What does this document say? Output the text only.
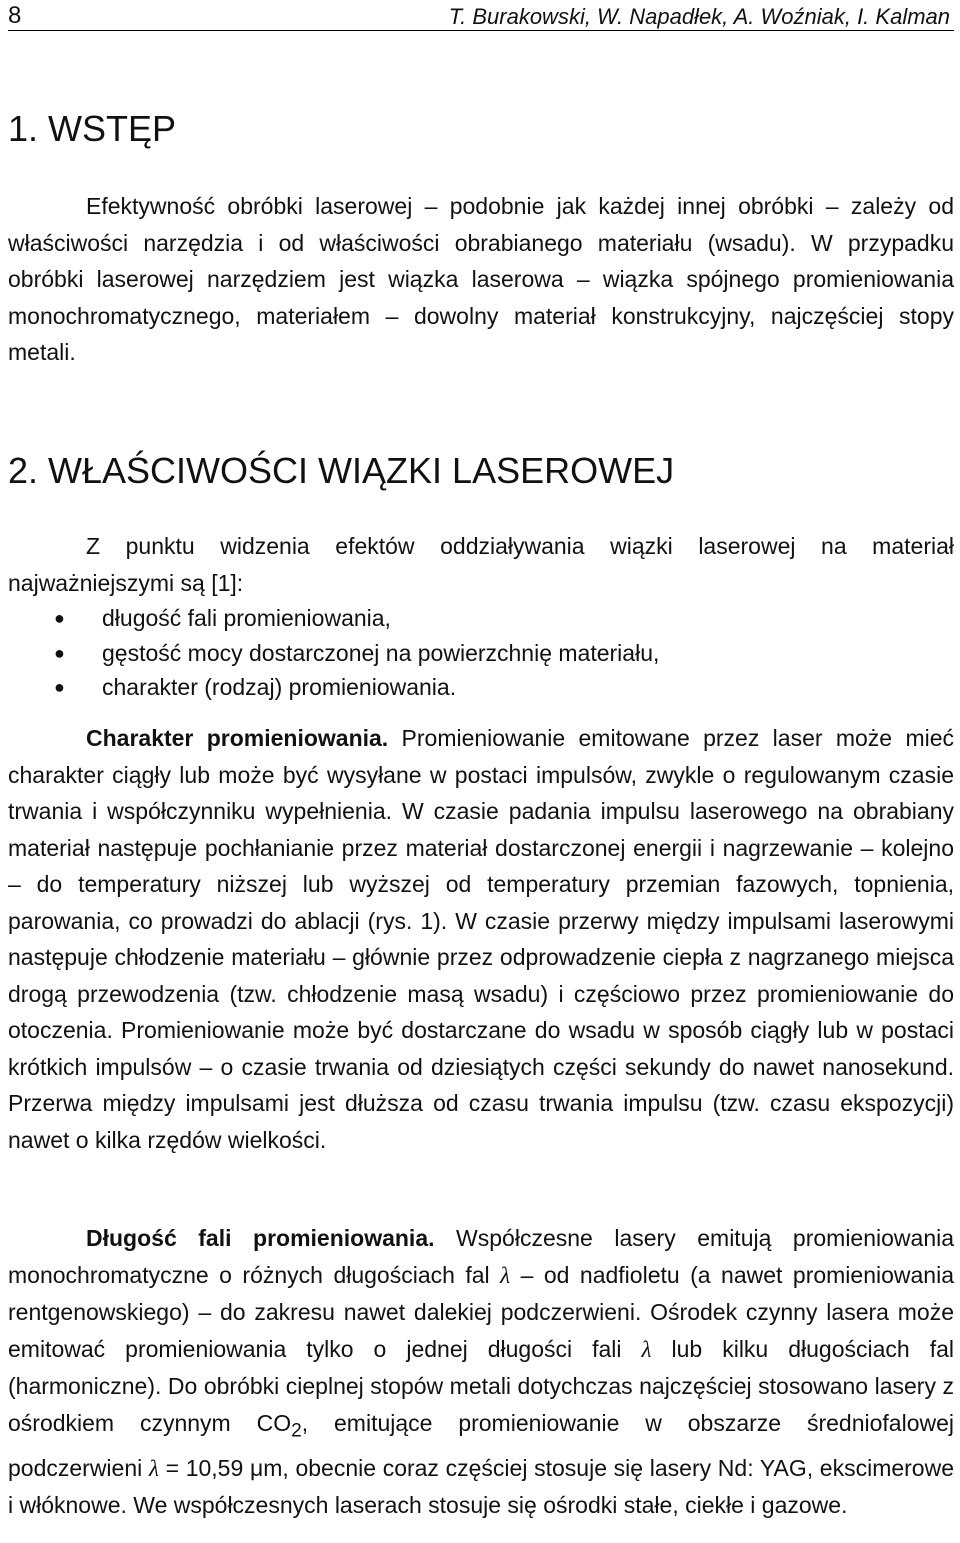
8	T. Burakowski, W. Napadłek, A. Woźniak, I. Kalman
1. WSTĘP

Efektywność obróbki laserowej – podobnie jak każdej innej obróbki – zależy od właściwości narzędzia i od właściwości obrabianego materiału (wsadu). W przypadku obróbki laserowej narzędziem jest wiązka laserowa – wiązka spójnego promieniowania monochromatycznego, materiałem – dowolny materiał konstrukcyjny, najczęściej stopy metali.

2. WŁAŚCIWOŚCI WIĄZKI LASEROWEJ

Z punktu widzenia efektów oddziaływania wiązki laserowej na materiał najważniejszymi są [1]:

● długość fali promieniowania,
● gęstość mocy dostarczonej na powierzchnię materiału,
● charakter (rodzaj) promieniowania.

Charakter promieniowania. Promieniowanie emitowane przez laser może mieć charakter ciągły lub może być wysyłane w postaci impulsów, zwykle o regulowanym czasie trwania i współczynniku wypełnienia. W czasie padania impulsu laserowego na obrabiany materiał następuje pochłanianie przez materiał dostarczonej energii i nagrzewanie – kolejno – do temperatury niższej lub wyższej od temperatury przemian fazowych, topnienia, parowania, co prowadzi do ablacji (rys. 1). W czasie przerwy między impulsami laserowymi następuje chłodzenie materiału – głównie przez odprowadzenie ciepła z nagrzanego miejsca drogą przewodzenia (tzw. chłodzenie masą wsadu) i częściowo przez promieniowanie do otoczenia. Promieniowanie może być dostarczane do wsadu w sposób ciągły lub w postaci krótkich impulsów – o czasie trwania od dziesiątych części sekundy do nawet nanosekund. Przerwa między impulsami jest dłuższa od czasu trwania impulsu (tzw. czasu ekspozycji) nawet o kilka rzędów wielkości.

Długość fali promieniowania. Współczesne lasery emitują promieniowania monochromatyczne o różnych długościach fal λ – od nadfioletu (a nawet promieniowania rentgenowskiego) – do zakresu nawet dalekiej podczerwieni. Ośrodek czynny lasera może emitować promieniowania tylko o jednej długości fali λ lub kilku długościach fal (harmoniczne). Do obróbki cieplnej stopów metali dotychczas najczęściej stosowano lasery z ośrodkiem czynnym $CO_2$, emitujące promieniowanie w obszarze średniofalowej podczerwieni λ = 10,59 μm, obecnie coraz częściej stosuje się lasery Nd: YAG, ekscimerowe i włóknowe. We współczesnych laserach stosuje się ośrodki stałe, ciekłe i gazowe.
